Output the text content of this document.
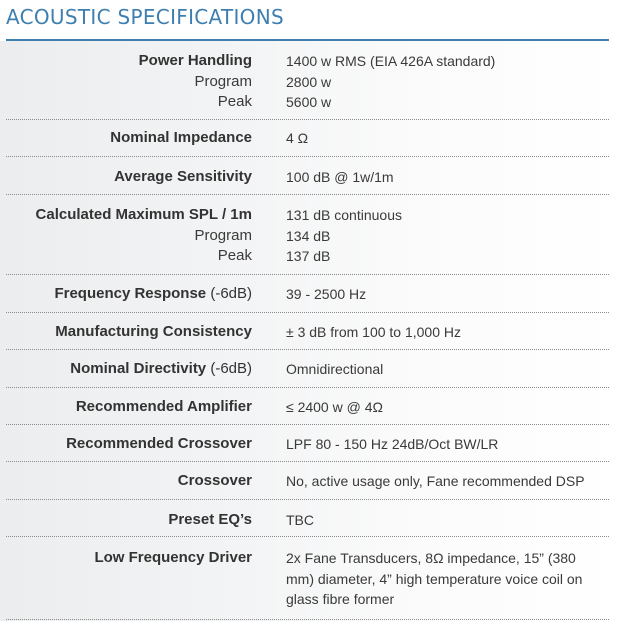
ACOUSTIC SPECIFICATIONS
Power Handling
Program
Peak
1400 w RMS (EIA 426A standard)
2800 w
5600 w
Nominal Impedance 4 Ω
Average Sensitivity 100 dB @ 1w/1m
Calculated Maximum SPL / 1m
Program
Peak
131 dB continuous
134 dB
137 dB
Frequency Response (-6dB) 39 - 2500 Hz
Manufacturing Consistency ± 3 dB from 100 to 1,000 Hz
Nominal Directivity (-6dB) Omnidirectional
Recommended Amplifier ≤ 2400 w @ 4Ω
Recommended Crossover LPF 80 - 150 Hz 24dB/Oct BW/LR
Crossover No, active usage only, Fane recommended DSP
Preset EQ’s TBC
Low Frequency Driver 2x Fane Transducers, 8Ω impedance, 15” (380 mm) diameter, 4” high temperature voice coil on glass fibre former
